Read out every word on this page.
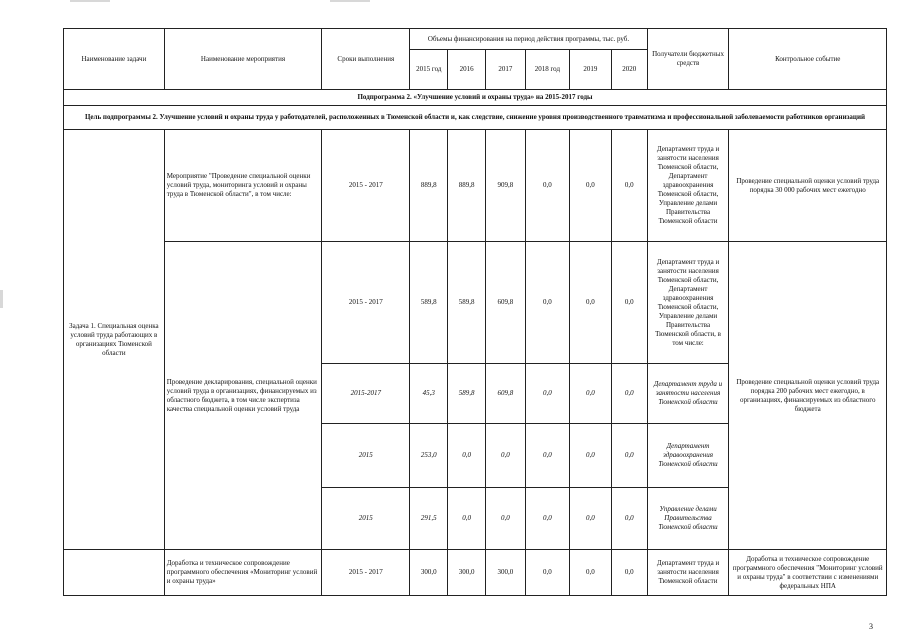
Наименование задачи	Наименование мероприятия	Сроки выполнения	Объемы финансирования на период действия программы, тыс. руб.						Получатели бюджетных средств	Контрольное событие
			2015 год	2016	2017	2018 год	2019	2020		
Подпрограмма 2. «Улучшение условий и охраны труда» на 2015-2017 годы										
Цель подпрограммы 2. Улучшение условий и охраны труда у работодателей, расположенных в Тюменской области и, как следствие, снижение уровня производственного травматизма и профессиональной заболеваемости работников организаций										
Задача 1. Специальная оценка условий труда работающих в организациях Тюменской области	Мероприятие "Проведение специальной оценки условий труда, мониторинга условий и охраны труда в Тюменской области", в том числе:	2015 - 2017	889,8	889,8	909,8	0,0	0,0	0,0	Департамент труда и занятости населения Тюменской области, Департамент здравоохранения Тюменской области, Управление делами Правительства Тюменской области	Проведение специальной оценки условий труда порядка 30 000 рабочих мест ежегодно
	Проведение декларирования, специальной оценки условий труда в организациях, финансируемых из областного бюджета, в том числе экспертиза качества специальной оценки условий труда	2015 - 2017	589,8	589,8	609,8	0,0	0,0	0,0	Департамент труда и занятости населения Тюменской области, Департамент здравоохранения Тюменской области, Управление делами Правительства Тюменской области, в том числе:	Проведение специальной оценки условий труда порядка 200 рабочих мест ежегодно, в организациях, финансируемых из областного бюджета
		2015-2017	45,3	589,8	609,8	0,0	0,0	0,0	Департамент труда и занятости населения Тюменской области	
		2015	253,0	0,0	0,0	0,0	0,0	0,0	Департамент здравоохранения Тюменской области	
		2015	291,5	0,0	0,0	0,0	0,0	0,0	Управление делами Правительства Тюменской области	
	Доработка и техническое сопровождение программного обеспечения «Мониторинг условий и охраны труда»	2015 - 2017	300,0	300,0	300,0	0,0	0,0	0,0	Департамент труда и занятости населения Тюменской области	Доработка и техническое сопровождение программного обеспечения "Мониторинг условий и охраны труда" в соответствии с изменениями федеральных НПА
3
